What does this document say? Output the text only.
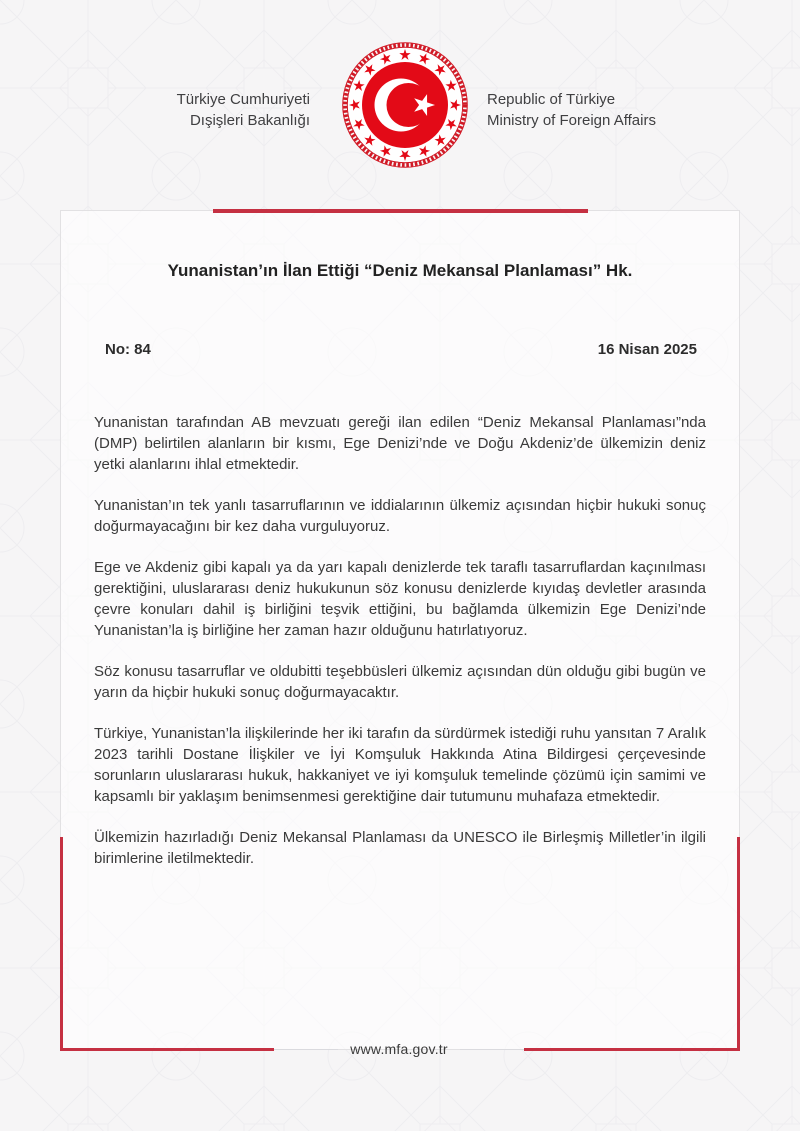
Türkiye Cumhuriyeti
Dışişleri Bakanlığı
Republic of Türkiye
Ministry of Foreign Affairs
Yunanistan’ın İlan Ettiği “Deniz Mekansal Planlaması” Hk.
No: 84	16 Nisan 2025

Yunanistan tarafından AB mevzuatı gereği ilan edilen “Deniz Mekansal Planlaması”nda (DMP) belirtilen alanların bir kısmı, Ege Denizi’nde ve Doğu Akdeniz’de ülkemizin deniz yetki alanlarını ihlal etmektedir.

Yunanistan’ın tek yanlı tasarruflarının ve iddialarının ülkemiz açısından hiçbir hukuki sonuç doğurmayacağını bir kez daha vurguluyoruz.

Ege ve Akdeniz gibi kapalı ya da yarı kapalı denizlerde tek taraflı tasarruflardan kaçınılması gerektiğini, uluslararası deniz hukukunun söz konusu denizlerde kıyıdaş devletler arasında çevre konuları dahil iş birliğini teşvik ettiğini, bu bağlamda ülkemizin Ege Denizi’nde Yunanistan’la iş birliğine her zaman hazır olduğunu hatırlatıyoruz.

Söz konusu tasarruflar ve oldubitti teşebbüsleri ülkemiz açısından dün olduğu gibi bugün ve yarın da hiçbir hukuki sonuç doğurmayacaktır.

Türkiye, Yunanistan’la ilişkilerinde her iki tarafın da sürdürmek istediği ruhu yansıtan 7 Aralık 2023 tarihli Dostane İlişkiler ve İyi Komşuluk Hakkında Atina Bildirgesi çerçevesinde sorunların uluslararası hukuk, hakkaniyet ve iyi komşuluk temelinde çözümü için samimi ve kapsamlı bir yaklaşım benimsenmesi gerektiğine dair tutumunu muhafaza etmektedir.

Ülkemizin hazırladığı Deniz Mekansal Planlaması da UNESCO ile Birleşmiş Milletler’in ilgili birimlerine iletilmektedir.

www.mfa.gov.tr
